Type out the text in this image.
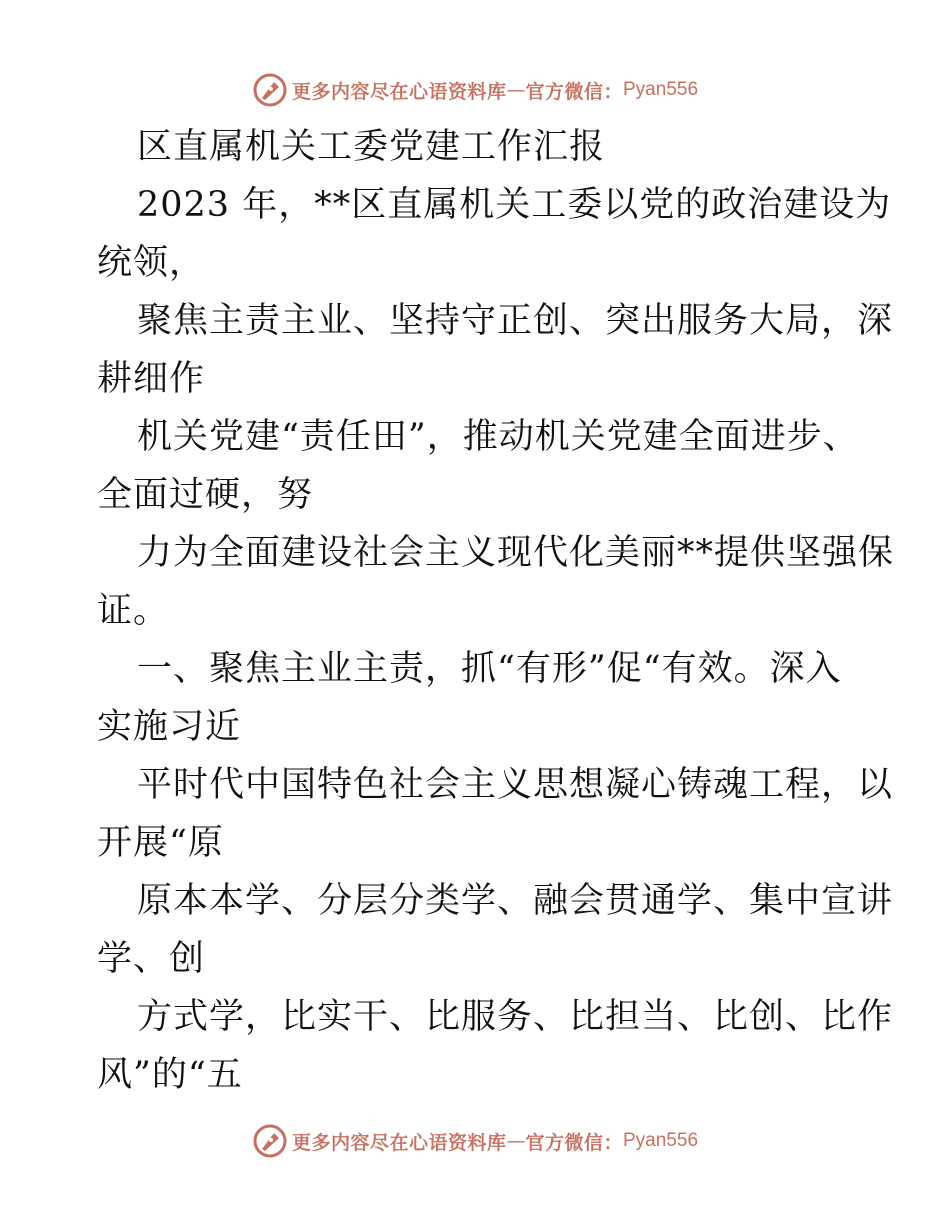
更多内容尽在心语资料库 — 官方微信： Pyan556
区直属机关工委党建工作汇报
2023 年，**区直属机关工委以党的政治建设为
统领，
聚焦主责主业、坚持守正创、突出服务大局，深
耕细作
机关党建“责任田”，推动机关党建全面进步、
全面过硬，努
力为全面建设社会主义现代化美丽**提供坚强保
证。
一、聚焦主业主责，抓“有形”促“有效。深入
实施习近
平时代中国特色社会主义思想凝心铸魂工程，以
开展“原
原本本学、分层分类学、融会贯通学、集中宣讲
学、创
方式学，比实干、比服务、比担当、比创、比作
风”的“五
更多内容尽在心语资料库 — 官方微信： Pyan556
